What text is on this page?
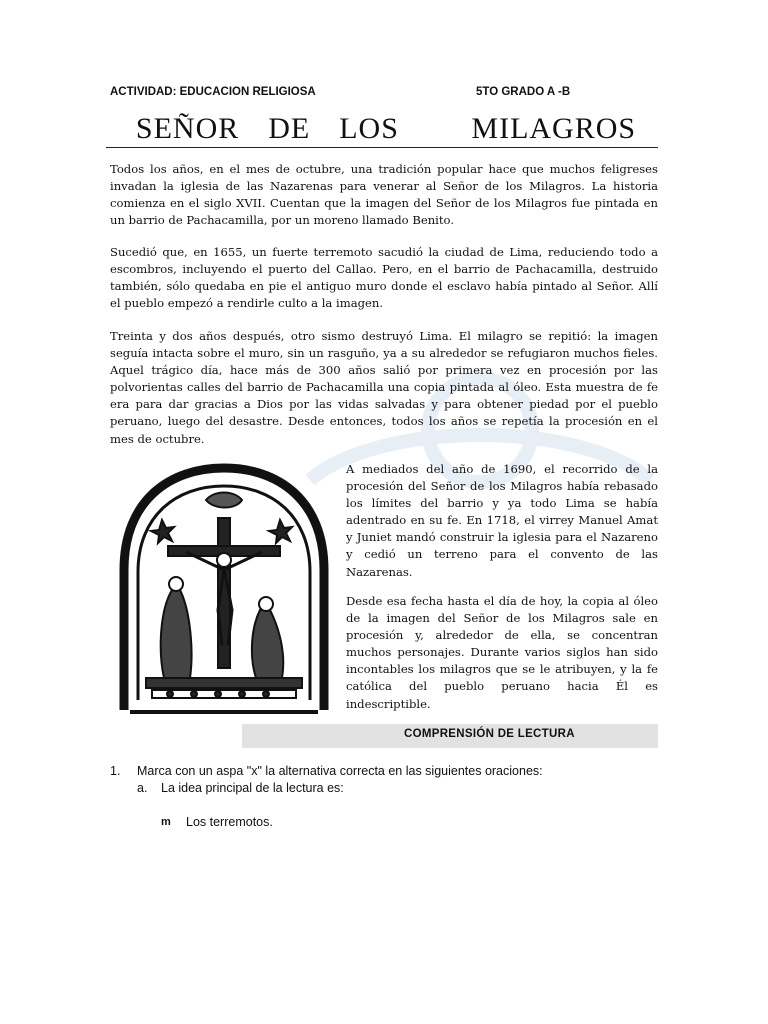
ACTIVIDAD: EDUCACION RELIGIOSA	5TO GRADO A -B
SEÑOR  DE  LOS     MILAGROS
Todos los años, en el mes de octubre, una tradición popular hace que muchos feligreses invadan la iglesia de las Nazarenas para venerar al Señor de los Milagros. La historia comienza en el siglo XVII. Cuentan que la imagen del Señor de los Milagros fue pintada en un barrio de Pachacamilla, por un moreno llamado Benito.
Sucedió que, en 1655, un fuerte terremoto sacudió la ciudad de Lima, reduciendo todo a escombros, incluyendo el puerto del Callao. Pero, en el barrio de Pachacamilla, destruido también, sólo quedaba en pie el antiguo muro donde el esclavo había pintado al Señor. Allí el pueblo empezó a rendirle culto a la imagen.
Treinta y dos años después, otro sismo destruyó Lima. El milagro se repitió: la imagen seguía intacta sobre el muro, sin un rasguño, ya a su alrededor se refugiaron muchos fieles. Aquel trágico día, hace más de 300 años salió por primera vez en procesión por las polvorientas calles del barrio de Pachacamilla una copia pintada al óleo. Esta muestra de fe era para dar gracias a Dios por las vidas salvadas y para obtener piedad por el pueblo peruano, luego del desastre. Desde entonces, todos los años se repetía la procesión en el mes de octubre.
A mediados del año de 1690, el recorrido de la procesión del Señor de los Milagros había rebasado los límites del barrio y ya todo Lima se había adentrado en su fe. En 1718, el virrey Manuel Amat y Juniet mandó construir la iglesia para el Nazareno y cedió un terreno para el convento de las Nazarenas.
Desde esa fecha hasta el día de hoy, la copia al óleo de la imagen del Señor de los Milagros sale en procesión y, alrededor de ella, se concentran muchos personajes. Durante varios siglos han sido incontables los milagros que se le atribuyen, y la fe católica del pueblo peruano hacia Él es indescriptible.
COMPRENSIÓN DE LECTURA
1. Marca con un aspa "x" la alternativa correcta en las siguientes oraciones:
a. La idea principal de la lectura es:
m Los terremotos.
